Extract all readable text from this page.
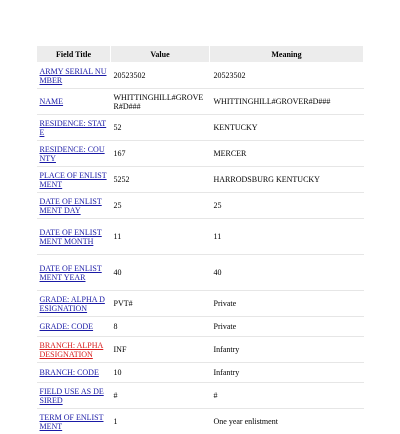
Field Title	Value	Meaning
ARMY SERIAL NUMBER	20523502	20523502
NAME	WHITTINGHILL#GROVER#D###	WHITTINGHILL#GROVER#D###
RESIDENCE: STATE	52	KENTUCKY
RESIDENCE: COUNTY	167	MERCER
PLACE OF ENLISTMENT	5252	HARRODSBURG KENTUCKY
DATE OF ENLISTMENT DAY	25	25
DATE OF ENLISTMENT MONTH	11	11
DATE OF ENLISTMENT YEAR	40	40
GRADE: ALPHA DESIGNATION	PVT#	Private
GRADE: CODE	8	Private
BRANCH: ALPHA DESIGNATION	INF	Infantry
BRANCH: CODE	10	Infantry
FIELD USE AS DESIRED	#	#
TERM OF ENLISTMENT	1	One year enlistment
